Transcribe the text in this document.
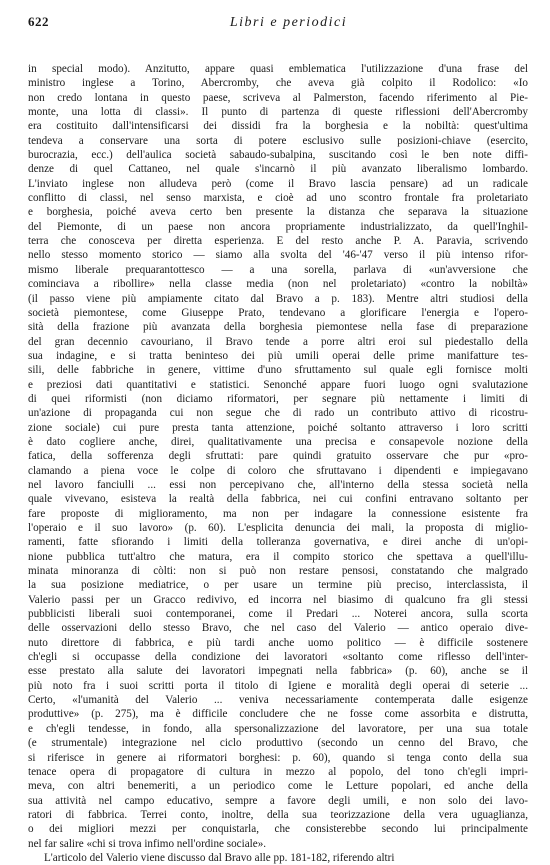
622	Libri e periodici
in special modo). Anzitutto, appare quasi emblematica l'utilizzazione d'una frase del
ministro inglese a Torino, Abercromby, che aveva già colpito il Rodolico: «Io
non credo lontana in questo paese, scriveva al Palmerston, facendo riferimento al Pie-
monte, una lotta di classi». Il punto di partenza di queste riflessioni dell'Abercromby
era costituito dall'intensificarsi dei dissidi fra la borghesia e la nobiltà: quest'ultima
tendeva a conservare una sorta di potere esclusivo sulle posizioni-chiave (esercito,
burocrazia, ecc.) dell'aulica società sabaudo-subalpina, suscitando così le ben note diffi-
denze di quel Cattaneo, nel quale s'incarnò il più avanzato liberalismo lombardo.
L'inviato inglese non alludeva però (come il Bravo lascia pensare) ad un radicale
conflitto di classi, nel senso marxista, e cioè ad uno scontro frontale fra proletariato
e borghesia, poiché aveva certo ben presente la distanza che separava la situazione
del Piemonte, di un paese non ancora propriamente industrializzato, da quell'Inghil-
terra che conosceva per diretta esperienza. E del resto anche P. A. Paravia, scrivendo
nello stesso momento storico — siamo alla svolta del '46-'47 verso il più intenso rifor-
mismo liberale prequarantottesco — a una sorella, parlava di «un'avversione che
cominciava a ribollire» nella classe media (non nel proletariato) «contro la nobiltà»
(il passo viene più ampiamente citato dal Bravo a p. 183). Mentre altri studiosi della
società piemontese, come Giuseppe Prato, tendevano a glorificare l'energia e l'opero-
sità della frazione più avanzata della borghesia piemontese nella fase di preparazione
del gran decennio cavouriano, il Bravo tende a porre altri eroi sul piedestallo della
sua indagine, e si tratta beninteso dei più umili operai delle prime manifatture tes-
sili, delle fabbriche in genere, vittime d'uno sfruttamento sul quale egli fornisce molti
e preziosi dati quantitativi e statistici. Senonché appare fuori luogo ogni svalutazione
di quei riformisti (non diciamo riformatori, per segnare più nettamente i limiti di
un'azione di propaganda cui non segue che di rado un contributo attivo di ricostru-
zione sociale) cui pure presta tanta attenzione, poiché soltanto attraverso i loro scritti
è dato cogliere anche, direi, qualitativamente una precisa e consapevole nozione della
fatica, della sofferenza degli sfruttati: pare quindi gratuito osservare che pur «pro-
clamando a piena voce le colpe di coloro che sfruttavano i dipendenti e impiegavano
nel lavoro fanciulli ... essi non percepivano che, all'interno della stessa società nella
quale vivevano, esisteva la realtà della fabbrica, nei cui confini entravano soltanto per
fare proposte di miglioramento, ma non per indagare la connessione esistente fra
l'operaio e il suo lavoro» (p. 60). L'esplicita denuncia dei mali, la proposta di miglio-
ramenti, fatte sfiorando i limiti della tolleranza governativa, e direi anche di un'opi-
nione pubblica tutt'altro che matura, era il compito storico che spettava a quell'illu-
minata minoranza di còlti: non si può non restare pensosi, constatando che malgrado
la sua posizione mediatrice, o per usare un termine più preciso, interclassista, il
Valerio passi per un Gracco redivivo, ed incorra nel biasimo di qualcuno fra gli stessi
pubblicisti liberali suoi contemporanei, come il Predari ... Noterei ancora, sulla scorta
delle osservazioni dello stesso Bravo, che nel caso del Valerio — antico operaio dive-
nuto direttore di fabbrica, e più tardi anche uomo politico — è difficile sostenere
ch'egli si occupasse della condizione dei lavoratori «soltanto come riflesso dell'inter-
esse prestato alla salute dei lavoratori impegnati nella fabbrica» (p. 60), anche se il
più noto fra i suoi scritti porta il titolo di Igiene e moralità degli operai di seterie ...
Certo, «l'umanità del Valerio ... veniva necessariamente contemperata dalle esigenze
produttive» (p. 275), ma è difficile concludere che ne fosse come assorbita e distrutta,
e ch'egli tendesse, in fondo, alla spersonalizzazione del lavoratore, per una sua totale
(e strumentale) integrazione nel ciclo produttivo (secondo un cenno del Bravo, che
si riferisce in genere ai riformatori borghesi: p. 60), quando si tenga conto della sua
tenace opera di propagatore di cultura in mezzo al popolo, del tono ch'egli impri-
meva, con altri benemeriti, a un periodico come le Letture popolari, ed anche della
sua attività nel campo educativo, sempre a favore degli umili, e non solo dei lavo-
ratori di fabbrica. Terrei conto, inoltre, della sua teorizzazione della vera uguaglianza,
o dei migliori mezzi per conquistarla, che consisterebbe secondo lui principalmente
nel far salire «chi si trova infimo nell'ordine sociale».
L'articolo del Valerio viene discusso dal Bravo alle pp. 181-182, riferendo altri
